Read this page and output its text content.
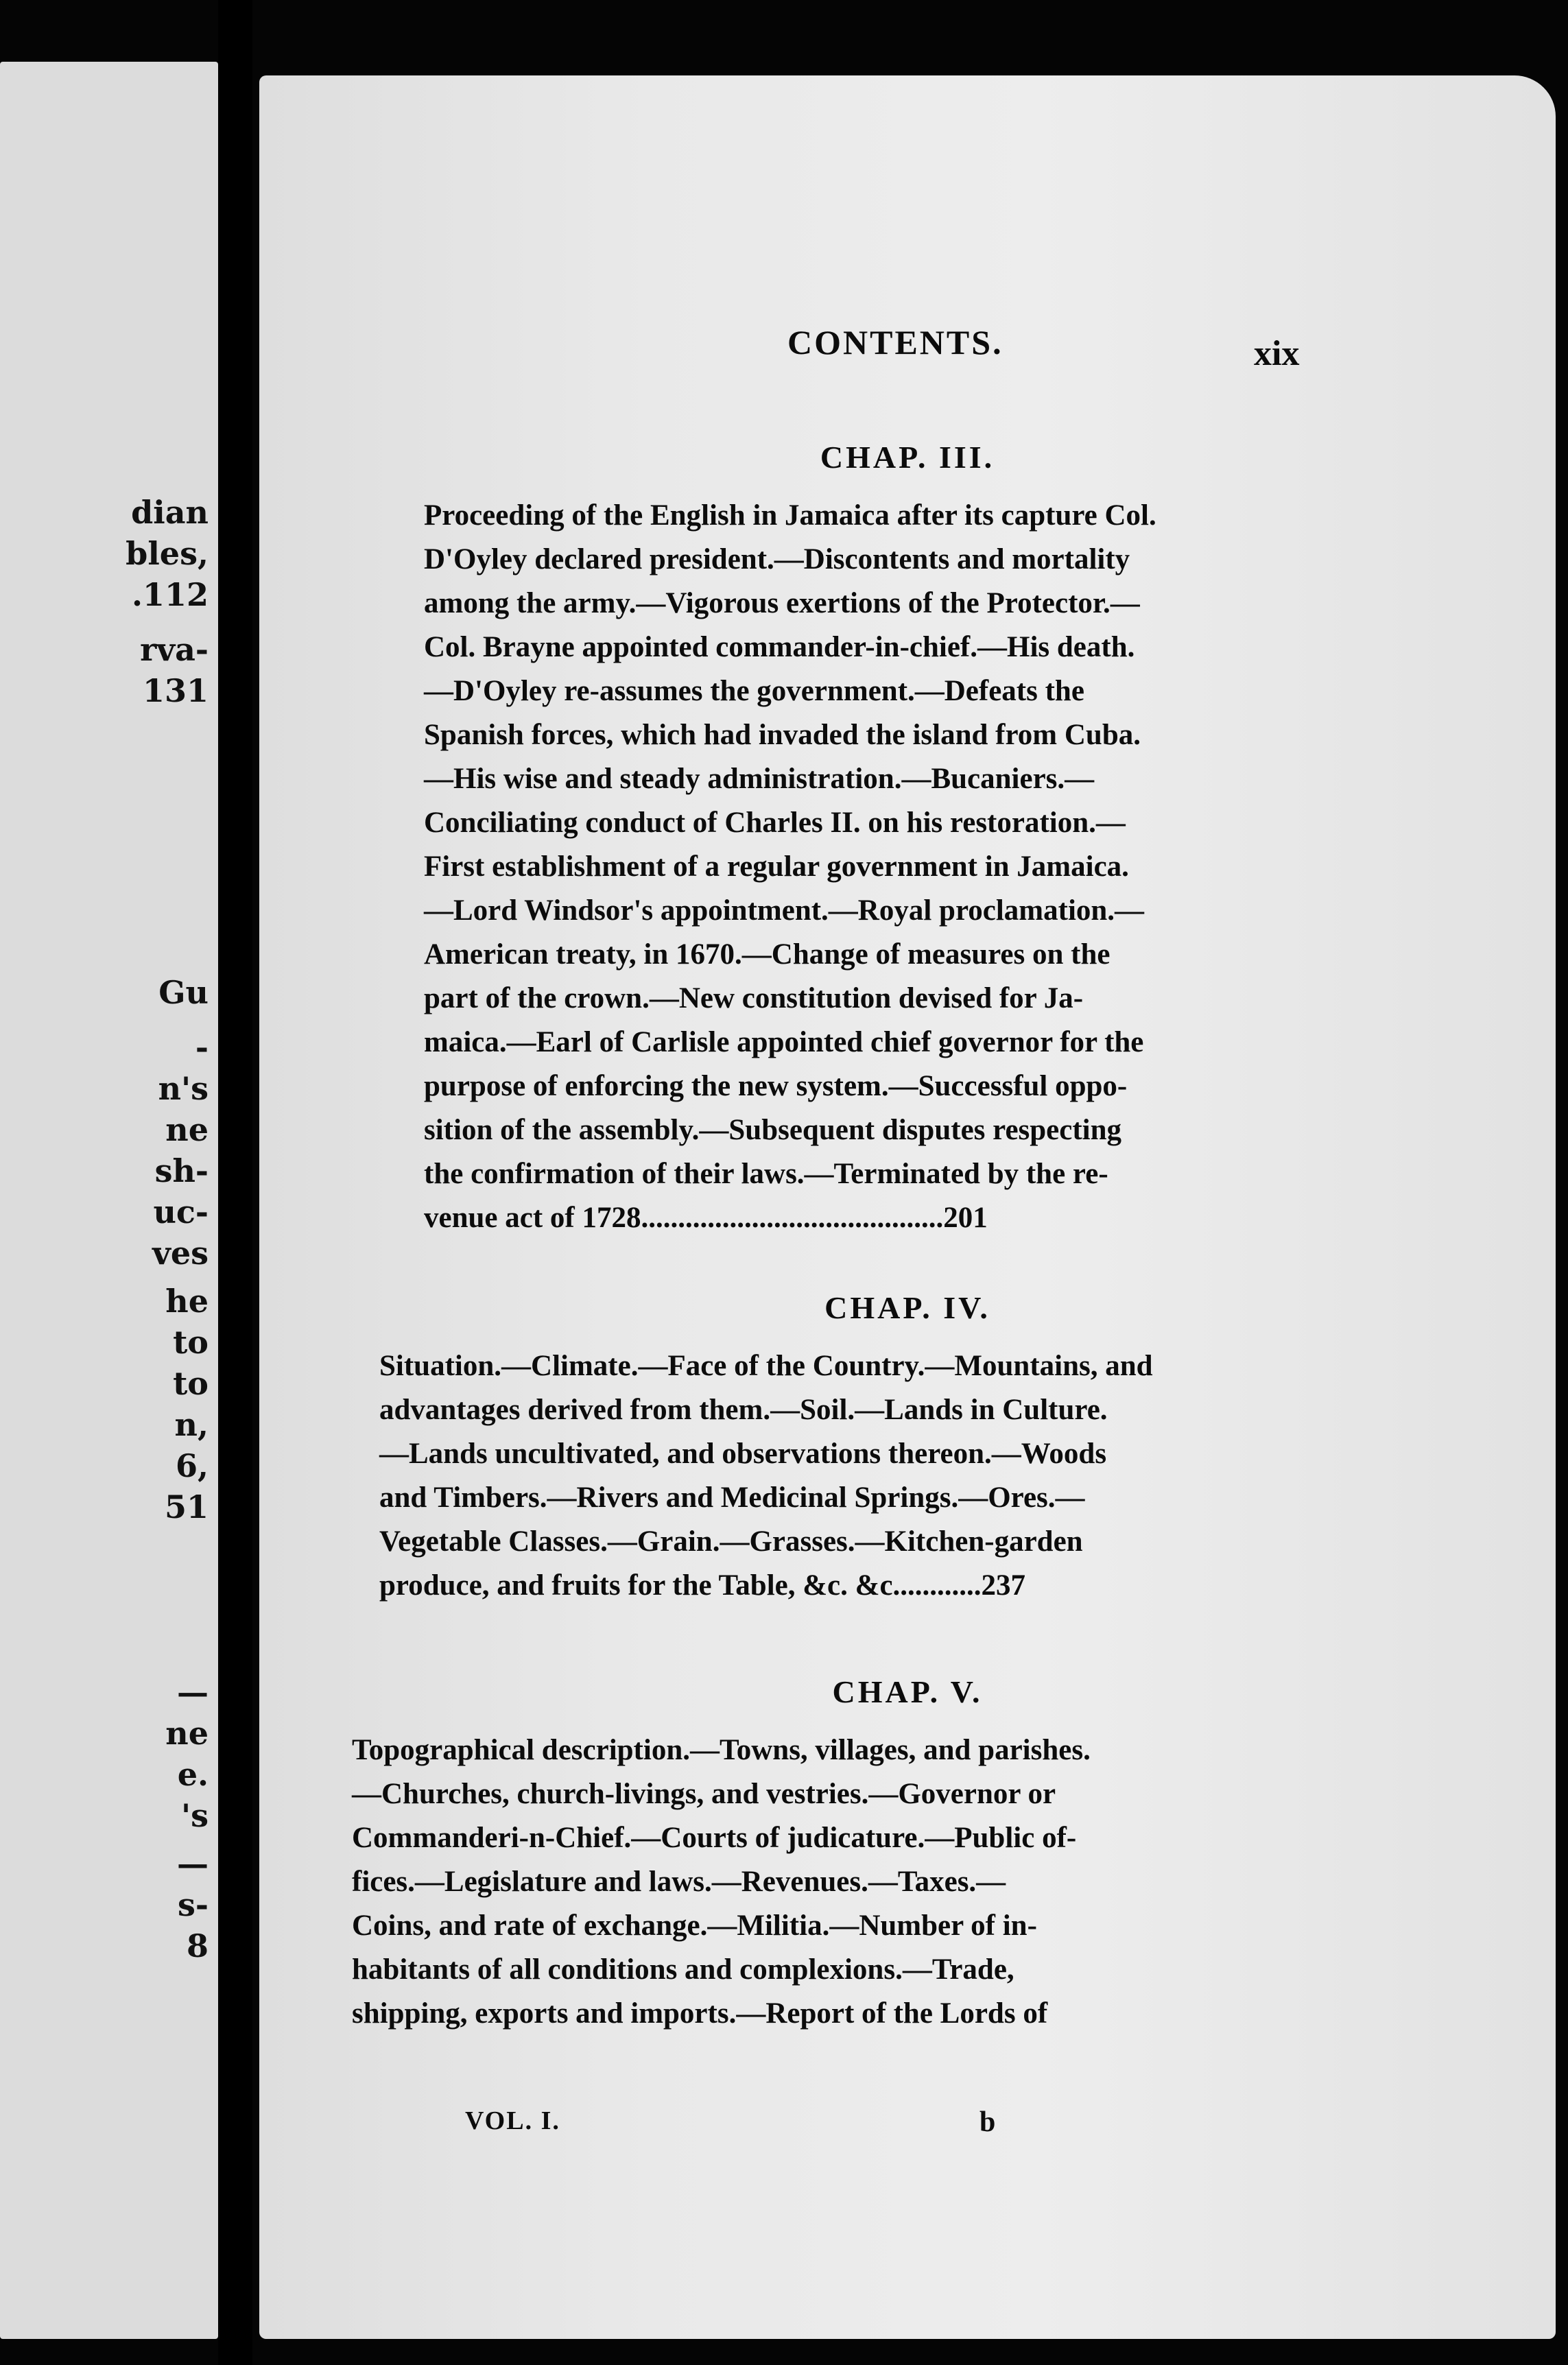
dian
bles,
.112
rva-
131
Gu
-
n's
ne
sh-
uc-
ves
he
to
to
n,
6,
51
—
ne
e.
's
—
s-
8
CONTENTS.	xix
CHAP. III.
Proceeding of the English in Jamaica after its capture Col.
D'Oyley declared president.—Discontents and mortality
among the army.—Vigorous exertions of the Protector.—
Col. Brayne appointed commander-in-chief.—His death.
—D'Oyley re-assumes the government.—Defeats the
Spanish forces, which had invaded the island from Cuba.
—His wise and steady administration.—Bucaniers.—
Conciliating conduct of Charles II. on his restoration.—
First establishment of a regular government in Jamaica.
—Lord Windsor's appointment.—Royal proclamation.—
American treaty, in 1670.—Change of measures on the
part of the crown.—New constitution devised for Ja-
maica.—Earl of Carlisle appointed chief governor for the
purpose of enforcing the new system.—Successful oppo-
sition of the assembly.—Subsequent disputes respecting
the confirmation of their laws.—Terminated by the re-
venue act of 1728.........................................201
CHAP. IV.
Situation.—Climate.—Face of the Country.—Mountains, and
advantages derived from them.—Soil.—Lands in Culture.
—Lands uncultivated, and observations thereon.—Woods
and Timbers.—Rivers and Medicinal Springs.—Ores.—
Vegetable Classes.—Grain.—Grasses.—Kitchen-garden
produce, and fruits for the Table, &c. &c............237
CHAP. V.
Topographical description.—Towns, villages, and parishes.
—Churches, church-livings, and vestries.—Governor or
Commanderi-n-Chief.—Courts of judicature.—Public of-
fices.—Legislature and laws.—Revenues.—Taxes.—
Coins, and rate of exchange.—Militia.—Number of in-
habitants of all conditions and complexions.—Trade,
shipping, exports and imports.—Report of the Lords of
VOL. I.	b
